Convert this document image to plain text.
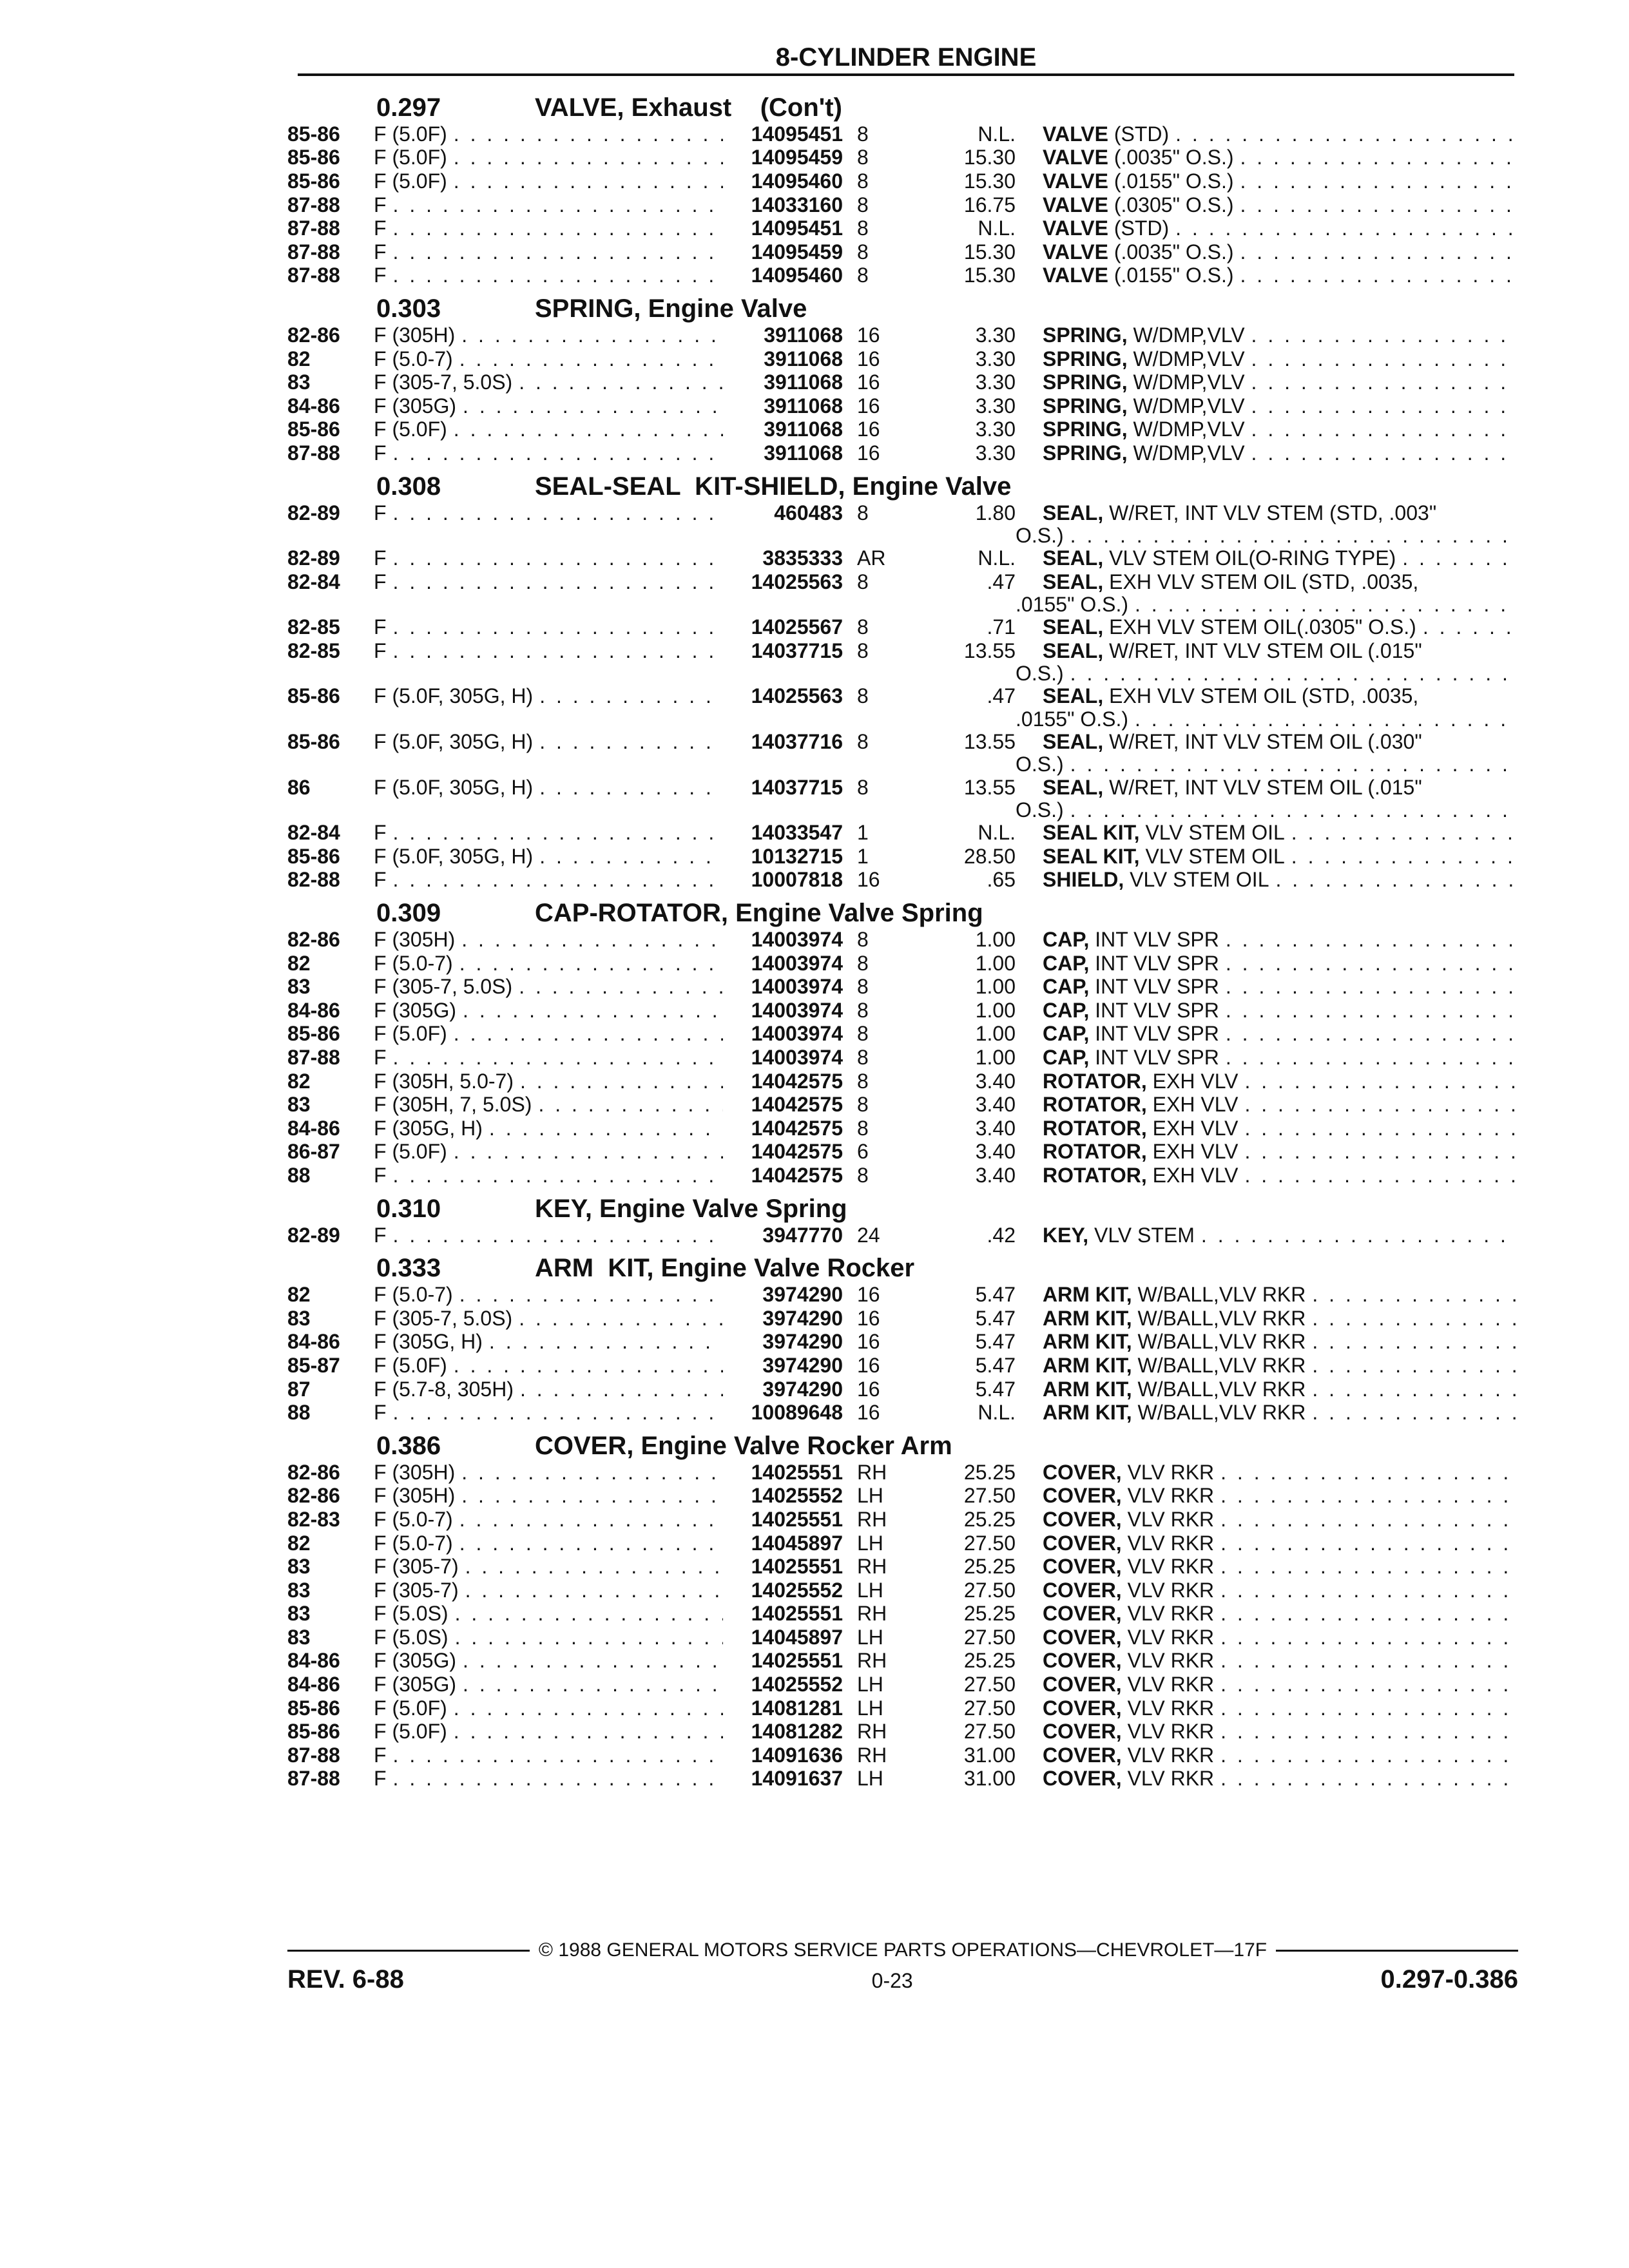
8-CYLINDER ENGINE
0.297	VALVE, Exhaust    (Con't)
85-86	F (5.0F) . . .	14095451 8	N.L.	VALVE (STD)
. . .
85-86	F (5.0F) . . .	14095459 8	15.30	VALVE (.0035" O.S.)
. . .
85-86	F (5.0F) . . .	14095460 8	15.30	VALVE (.0155" O.S.)
. . .
87-88	F . . .	14033160 8	16.75	VALVE (.0305" O.S.)
. . .
87-88	F . . .	14095451 8	N.L.	VALVE (STD)
. . .
87-88	F . . .	14095459 8	15.30	VALVE (.0035" O.S.)
. . .
87-88	F . . .	14095460 8	15.30	VALVE (.0155" O.S.)
. . .
0.303	SPRING, Engine Valve
82-86	F (305H) . . .	3911068 16	3.30	SPRING, W/DMP,VLV
. . .
82	F (5.0-7) . . .	3911068 16	3.30	SPRING, W/DMP,VLV
. . .
83	F (305-7, 5.0S) . . .	3911068 16	3.30	SPRING, W/DMP,VLV
. . .
84-86	F (305G) . . .	3911068 16	3.30	SPRING, W/DMP,VLV
. . .
85-86	F (5.0F) . . .	3911068 16	3.30	SPRING, W/DMP,VLV
. . .
87-88	F . . .	3911068 16	3.30	SPRING, W/DMP,VLV
. . .
0.308	SEAL-SEAL  KIT-SHIELD, Engine Valve
82-89	F . . .	460483 8	1.80	SEAL, W/RET, INT VLV STEM (STD, .003"
O.S.)
. . .
82-89	F . . .	3835333 AR	N.L.	SEAL, VLV STEM OIL(O-RING TYPE)
. . .
82-84	F . . .	14025563 8	.47	SEAL, EXH VLV STEM OIL (STD, .0035,
.0155" O.S.)
. . .
82-85	F . . .	14025567 8	.71	SEAL, EXH VLV STEM OIL(.0305" O.S.)
. . .
82-85	F . . .	14037715 8	13.55	SEAL, W/RET, INT VLV STEM OIL (.015"
O.S.)
. . .
85-86	F (5.0F, 305G, H) . . .	14025563 8	.47	SEAL, EXH VLV STEM OIL (STD, .0035,
.0155" O.S.)
. . .
85-86	F (5.0F, 305G, H) . . .	14037716 8	13.55	SEAL, W/RET, INT VLV STEM OIL (.030"
O.S.)
. . .
86	F (5.0F, 305G, H) . . .	14037715 8	13.55	SEAL, W/RET, INT VLV STEM OIL (.015"
O.S.)
. . .
82-84	F . . .	14033547 1	N.L.	SEAL KIT, VLV STEM OIL
. . .
85-86	F (5.0F, 305G, H) . . .	10132715 1	28.50	SEAL KIT, VLV STEM OIL
. . .
82-88	F . . .	10007818 16	.65	SHIELD, VLV STEM OIL
. . .
0.309	CAP-ROTATOR, Engine Valve Spring
82-86	F (305H) . . .	14003974 8	1.00	CAP, INT VLV SPR
. . .
82	F (5.0-7) . . .	14003974 8	1.00	CAP, INT VLV SPR
. . .
83	F (305-7, 5.0S) . . .	14003974 8	1.00	CAP, INT VLV SPR
. . .
84-86	F (305G) . . .	14003974 8	1.00	CAP, INT VLV SPR
. . .
85-86	F (5.0F) . . .	14003974 8	1.00	CAP, INT VLV SPR
. . .
87-88	F . . .	14003974 8	1.00	CAP, INT VLV SPR
. . .
82	F (305H, 5.0-7) . . .	14042575 8	3.40	ROTATOR, EXH VLV
. . .
83	F (305H, 7, 5.0S) . . .	14042575 8	3.40	ROTATOR, EXH VLV
. . .
84-86	F (305G, H) . . .	14042575 8	3.40	ROTATOR, EXH VLV
. . .
86-87	F (5.0F) . . .	14042575 6	3.40	ROTATOR, EXH VLV
. . .
88	F . . .	14042575 8	3.40	ROTATOR, EXH VLV
. . .
0.310	KEY, Engine Valve Spring
82-89	F . . .	3947770 24	.42	KEY, VLV STEM
. . .
0.333	ARM  KIT, Engine Valve Rocker
82	F (5.0-7) . . .	3974290 16	5.47	ARM KIT, W/BALL,VLV RKR
. . .
83	F (305-7, 5.0S) . . .	3974290 16	5.47	ARM KIT, W/BALL,VLV RKR
. . .
84-86	F (305G, H) . . .	3974290 16	5.47	ARM KIT, W/BALL,VLV RKR
. . .
85-87	F (5.0F) . . .	3974290 16	5.47	ARM KIT, W/BALL,VLV RKR
. . .
87	F (5.7-8, 305H) . . .	3974290 16	5.47	ARM KIT, W/BALL,VLV RKR
. . .
88	F . . .	10089648 16	N.L.	ARM KIT, W/BALL,VLV RKR
. . .
0.386	COVER, Engine Valve Rocker Arm
82-86	F (305H) . . .	14025551 RH	25.25	COVER, VLV RKR
. . .
82-86	F (305H) . . .	14025552 LH	27.50	COVER, VLV RKR
. . .
82-83	F (5.0-7) . . .	14025551 RH	25.25	COVER, VLV RKR
. . .
82	F (5.0-7) . . .	14045897 LH	27.50	COVER, VLV RKR
. . .
83	F (305-7) . . .	14025551 RH	25.25	COVER, VLV RKR
. . .
83	F (305-7) . . .	14025552 LH	27.50	COVER, VLV RKR
. . .
83	F (5.0S) . . .	14025551 RH	25.25	COVER, VLV RKR
. . .
83	F (5.0S) . . .	14045897 LH	27.50	COVER, VLV RKR
. . .
84-86	F (305G) . . .	14025551 RH	25.25	COVER, VLV RKR
. . .
84-86	F (305G) . . .	14025552 LH	27.50	COVER, VLV RKR
. . .
85-86	F (5.0F) . . .	14081281 LH	27.50	COVER, VLV RKR
. . .
85-86	F (5.0F) . . .	14081282 RH	27.50	COVER, VLV RKR
. . .
87-88	F . . .	14091636 RH	31.00	COVER, VLV RKR
. . .
87-88	F . . .	14091637 LH	31.00	COVER, VLV RKR
. . .
© 1988 GENERAL MOTORS SERVICE PARTS OPERATIONS—CHEVROLET—17F
REV. 6-88	0-23	0.297-0.386
